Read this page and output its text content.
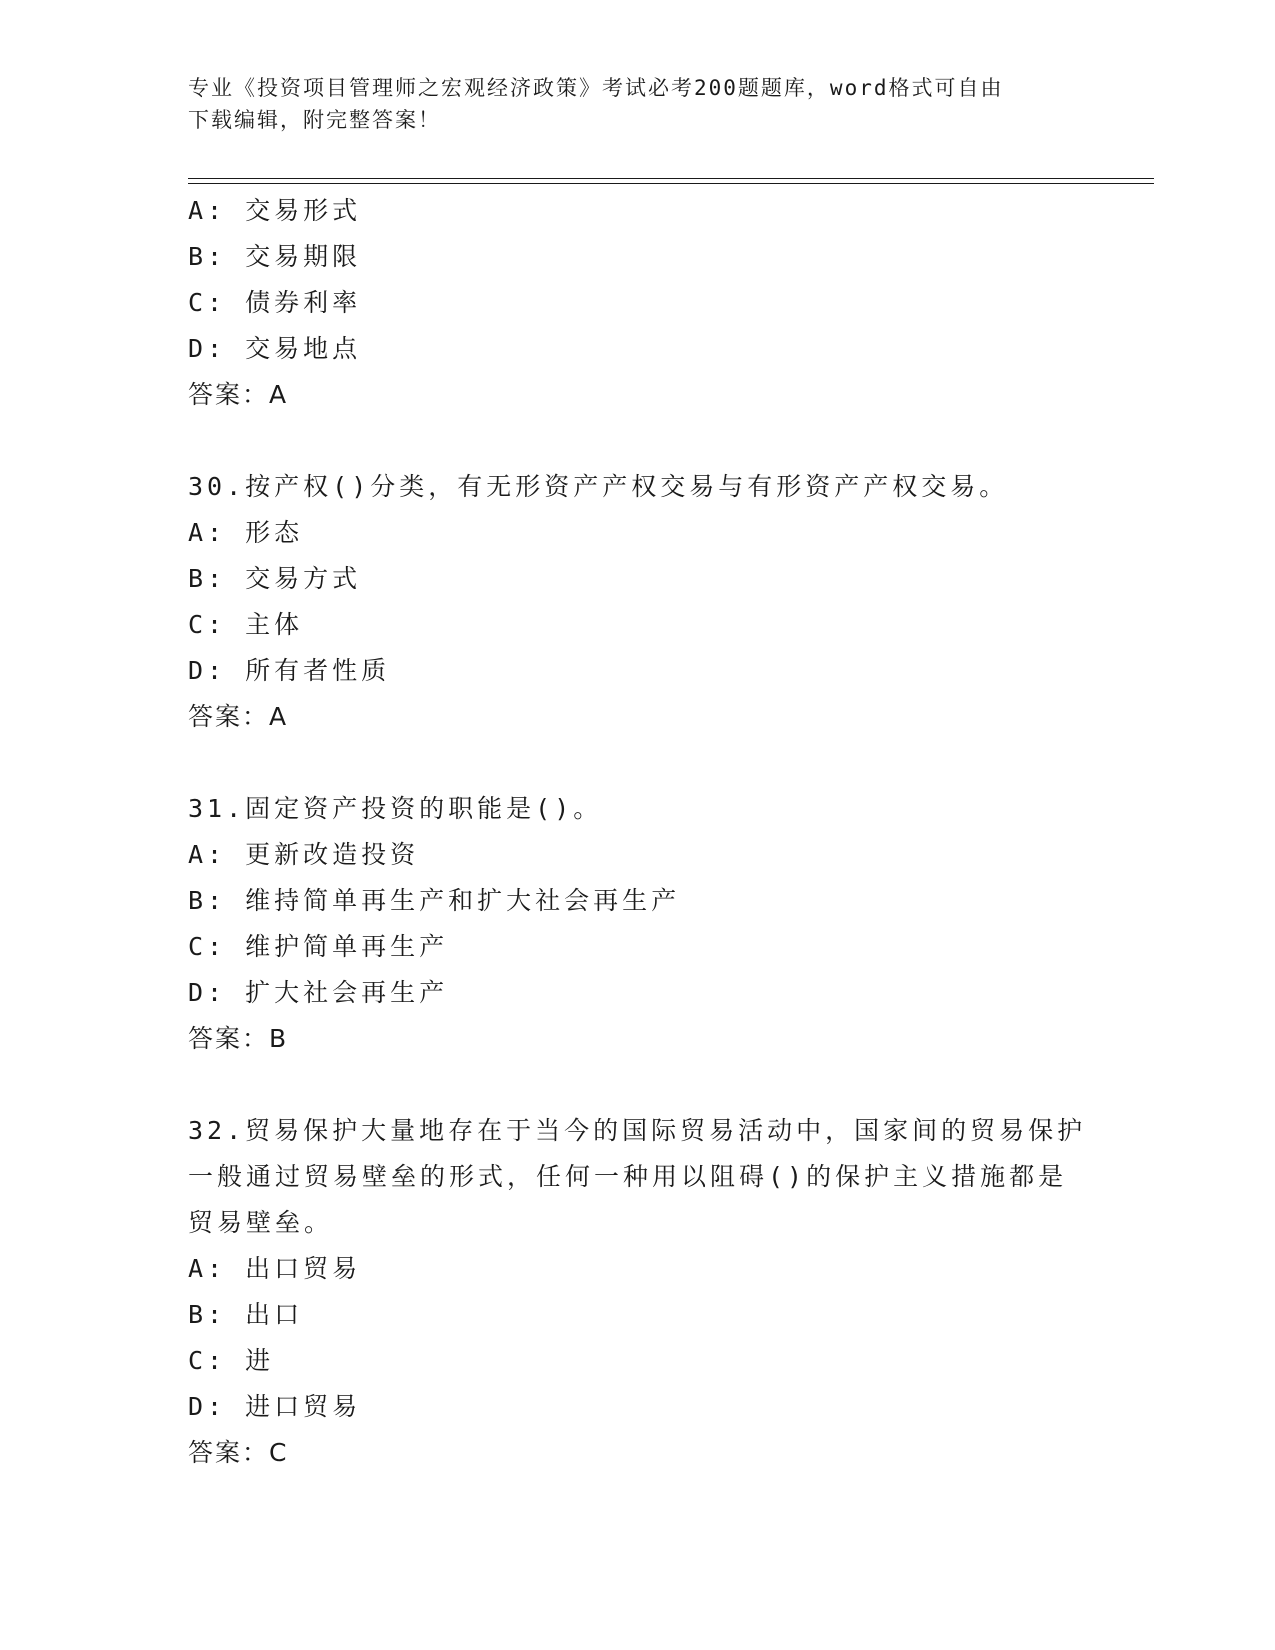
专业《投资项目管理师之宏观经济政策》考试必考200题题库，word格式可自由
下载编辑，附完整答案！
A: 交易形式
B: 交易期限
C: 债券利率
D: 交易地点
答案：A
30.按产权()分类，有无形资产产权交易与有形资产产权交易。
A: 形态
B: 交易方式
C: 主体
D: 所有者性质
答案：A
31.固定资产投资的职能是()。
A: 更新改造投资
B: 维持简单再生产和扩大社会再生产
C: 维护简单再生产
D: 扩大社会再生产
答案：B
32.贸易保护大量地存在于当今的国际贸易活动中，国家间的贸易保护
一般通过贸易壁垒的形式，任何一种用以阻碍()的保护主义措施都是
贸易壁垒。
A: 出口贸易
B: 出口
C: 进
D: 进口贸易
答案：C
